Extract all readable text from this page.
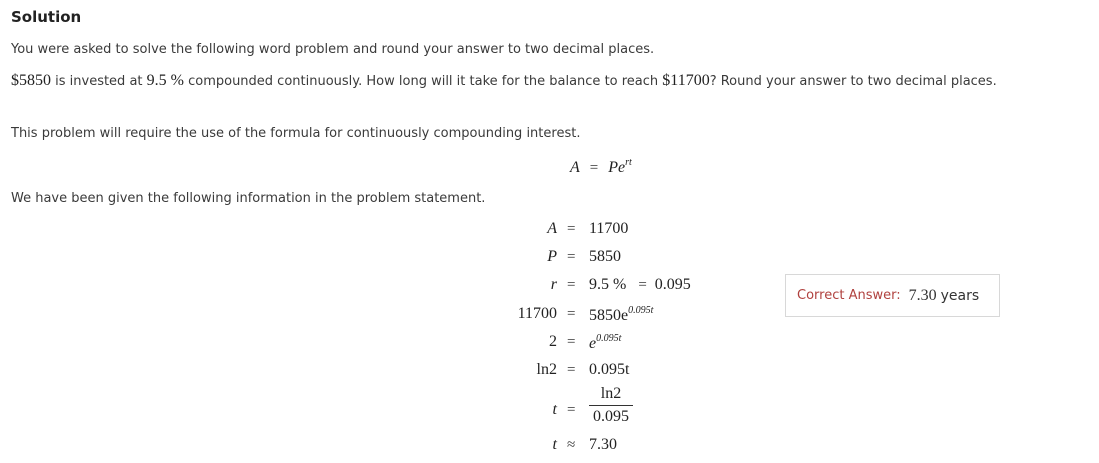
Solution
You were asked to solve the following word problem and round your answer to two decimal places.
$5850 is invested at 9.5 % compounded continuously. How long will it take for the balance to reach $11700? Round your answer to two decimal places.
This problem will require the use of the formula for continuously compounding interest.
$A = Pe^{rt}$
We have been given the following information in the problem statement.
A = 11700
P = 5850
r = 9.5 % = 0.095
$11700 = 5850e^{0.095t}$
$2 = e^{0.095t}$
ln2 = 0.095t
t =
ln2
0.095
t ≈ 7.30
Correct Answer: 7.30 years
